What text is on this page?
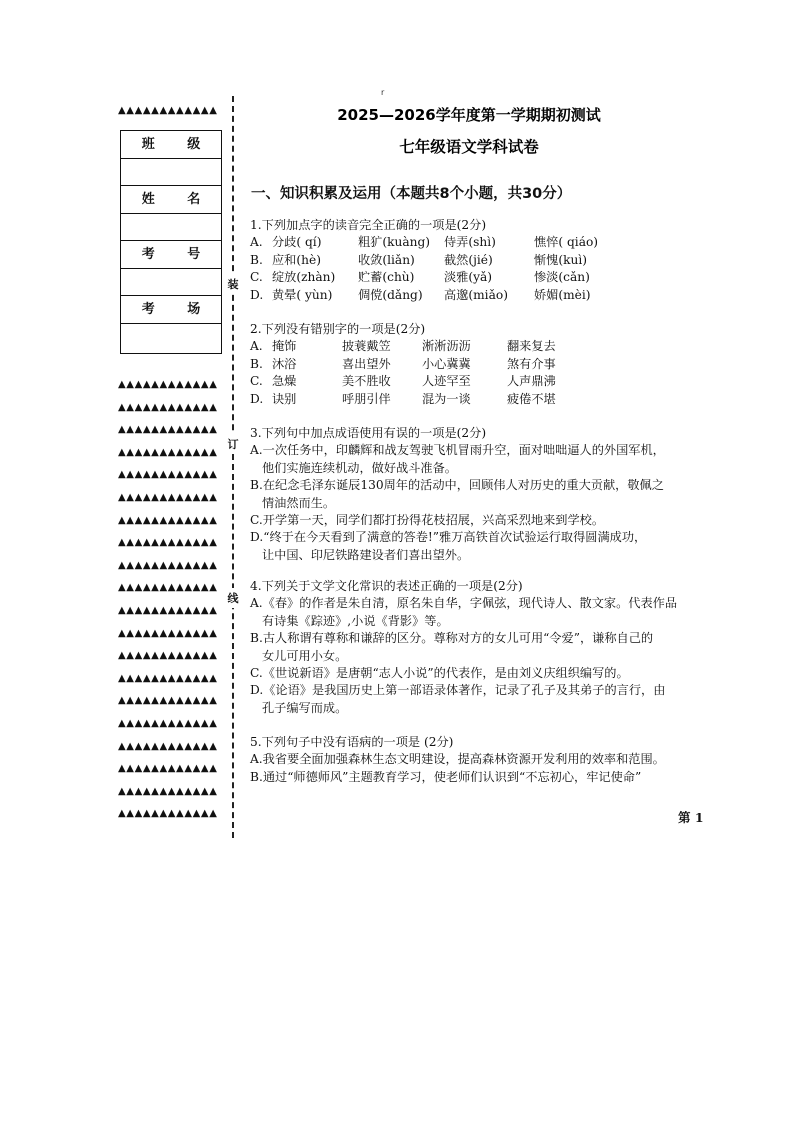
▲▲▲▲▲▲▲▲▲▲▲▲
班 级
姓 名
考 号
考 场
▲▲▲▲▲▲▲▲▲▲▲▲
▲▲▲▲▲▲▲▲▲▲▲▲
▲▲▲▲▲▲▲▲▲▲▲▲
▲▲▲▲▲▲▲▲▲▲▲▲
▲▲▲▲▲▲▲▲▲▲▲▲
▲▲▲▲▲▲▲▲▲▲▲▲
▲▲▲▲▲▲▲▲▲▲▲▲
▲▲▲▲▲▲▲▲▲▲▲▲
▲▲▲▲▲▲▲▲▲▲▲▲
▲▲▲▲▲▲▲▲▲▲▲▲
▲▲▲▲▲▲▲▲▲▲▲▲
▲▲▲▲▲▲▲▲▲▲▲▲
▲▲▲▲▲▲▲▲▲▲▲▲
▲▲▲▲▲▲▲▲▲▲▲▲
▲▲▲▲▲▲▲▲▲▲▲▲
▲▲▲▲▲▲▲▲▲▲▲▲
▲▲▲▲▲▲▲▲▲▲▲▲
▲▲▲▲▲▲▲▲▲▲▲▲
▲▲▲▲▲▲▲▲▲▲▲▲
▲▲▲▲▲▲▲▲▲▲▲▲
装
订
线
r
2025—2026学年度第一学期期初测试
七年级语文学科试卷
一、知识积累及运用（本题共8个小题，共30分）
1.下列加点字的读音完全正确的一项是(2分)
A. 分歧( qí)	粗犷(kuàng)	侍弄(shì)	憔悴( qiáo)
B. 应和(hè)	收敛(liǎn)	截然(jié)	惭愧(kuì)
C. 绽放(zhàn)	贮蓄(chù)	淡雅(yǎ)	惨淡(cǎn)
D. 黄晕( yùn)	倜傥(dǎng)	高邈(miǎo)	娇媚(mèi)
2.下列没有错别字的一项是(2分)
A. 掩饰	披蓑戴笠	淅淅沥沥	翻来复去
B. 沐浴	喜出望外	小心冀冀	煞有介事
C. 急燥	美不胜收	人迹罕至	人声鼎沸
D. 诀别	呼朋引伴	混为一谈	疲倦不堪
3.下列句中加点成语使用有误的一项是(2分)
A.一次任务中，印麟辉和战友驾驶飞机冒雨升空，面对咄咄逼人的外国军机，
他们实施连续机动，做好战斗准备。
B.在纪念毛泽东诞辰130周年的活动中，回顾伟人对历史的重大贡献，敬佩之
情油然而生。
C.开学第一天，同学们都打扮得花枝招展，兴高采烈地来到学校。
D.“终于在今天看到了满意的答卷!”雅万高铁首次试验运行取得圆满成功，
让中国、印尼铁路建设者们喜出望外。
4.下列关于文学文化常识的表述正确的一项是(2分)
A.《春》的作者是朱自清，原名朱自华，字佩弦，现代诗人、散文家。代表作品
有诗集《踪迹》,小说《背影》等。
B.古人称谓有尊称和谦辞的区分。尊称对方的女儿可用“令爱”，谦称自己的
女儿可用小女。
C.《世说新语》是唐朝“志人小说”的代表作，是由刘义庆组织编写的。
D.《论语》是我国历史上第一部语录体著作，记录了孔子及其弟子的言行，由
孔子编写而成。
5.下列句子中没有语病的一项是 (2分)
A.我省要全面加强森林生态文明建设，提高森林资源开发利用的效率和范围。
B.通过“师德师风”主题教育学习，使老师们认识到“不忘初心，牢记使命”
第 1
